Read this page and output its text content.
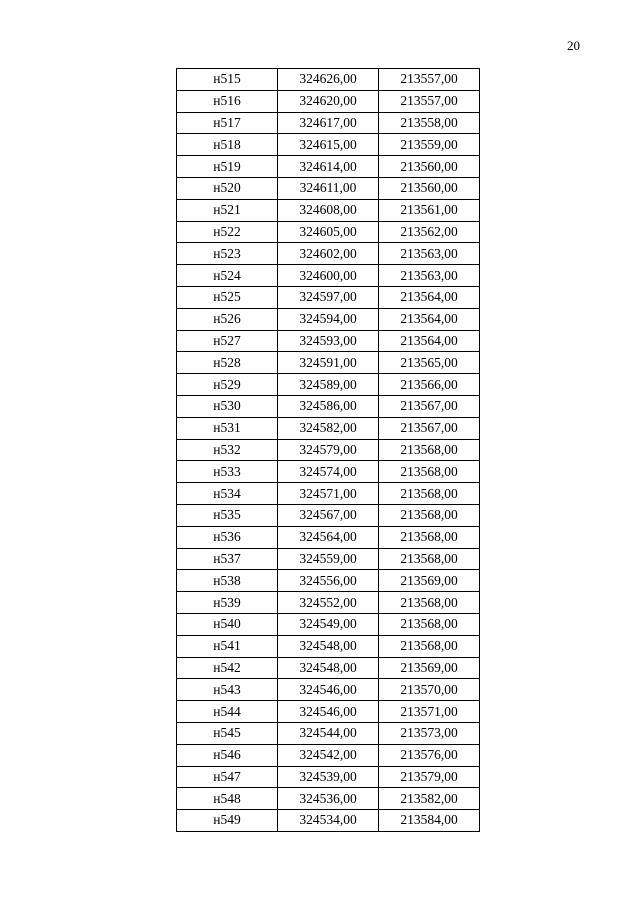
20
н515	324626,00	213557,00
н516	324620,00	213557,00
н517	324617,00	213558,00
н518	324615,00	213559,00
н519	324614,00	213560,00
н520	324611,00	213560,00
н521	324608,00	213561,00
н522	324605,00	213562,00
н523	324602,00	213563,00
н524	324600,00	213563,00
н525	324597,00	213564,00
н526	324594,00	213564,00
н527	324593,00	213564,00
н528	324591,00	213565,00
н529	324589,00	213566,00
н530	324586,00	213567,00
н531	324582,00	213567,00
н532	324579,00	213568,00
н533	324574,00	213568,00
н534	324571,00	213568,00
н535	324567,00	213568,00
н536	324564,00	213568,00
н537	324559,00	213568,00
н538	324556,00	213569,00
н539	324552,00	213568,00
н540	324549,00	213568,00
н541	324548,00	213568,00
н542	324548,00	213569,00
н543	324546,00	213570,00
н544	324546,00	213571,00
н545	324544,00	213573,00
н546	324542,00	213576,00
н547	324539,00	213579,00
н548	324536,00	213582,00
н549	324534,00	213584,00
